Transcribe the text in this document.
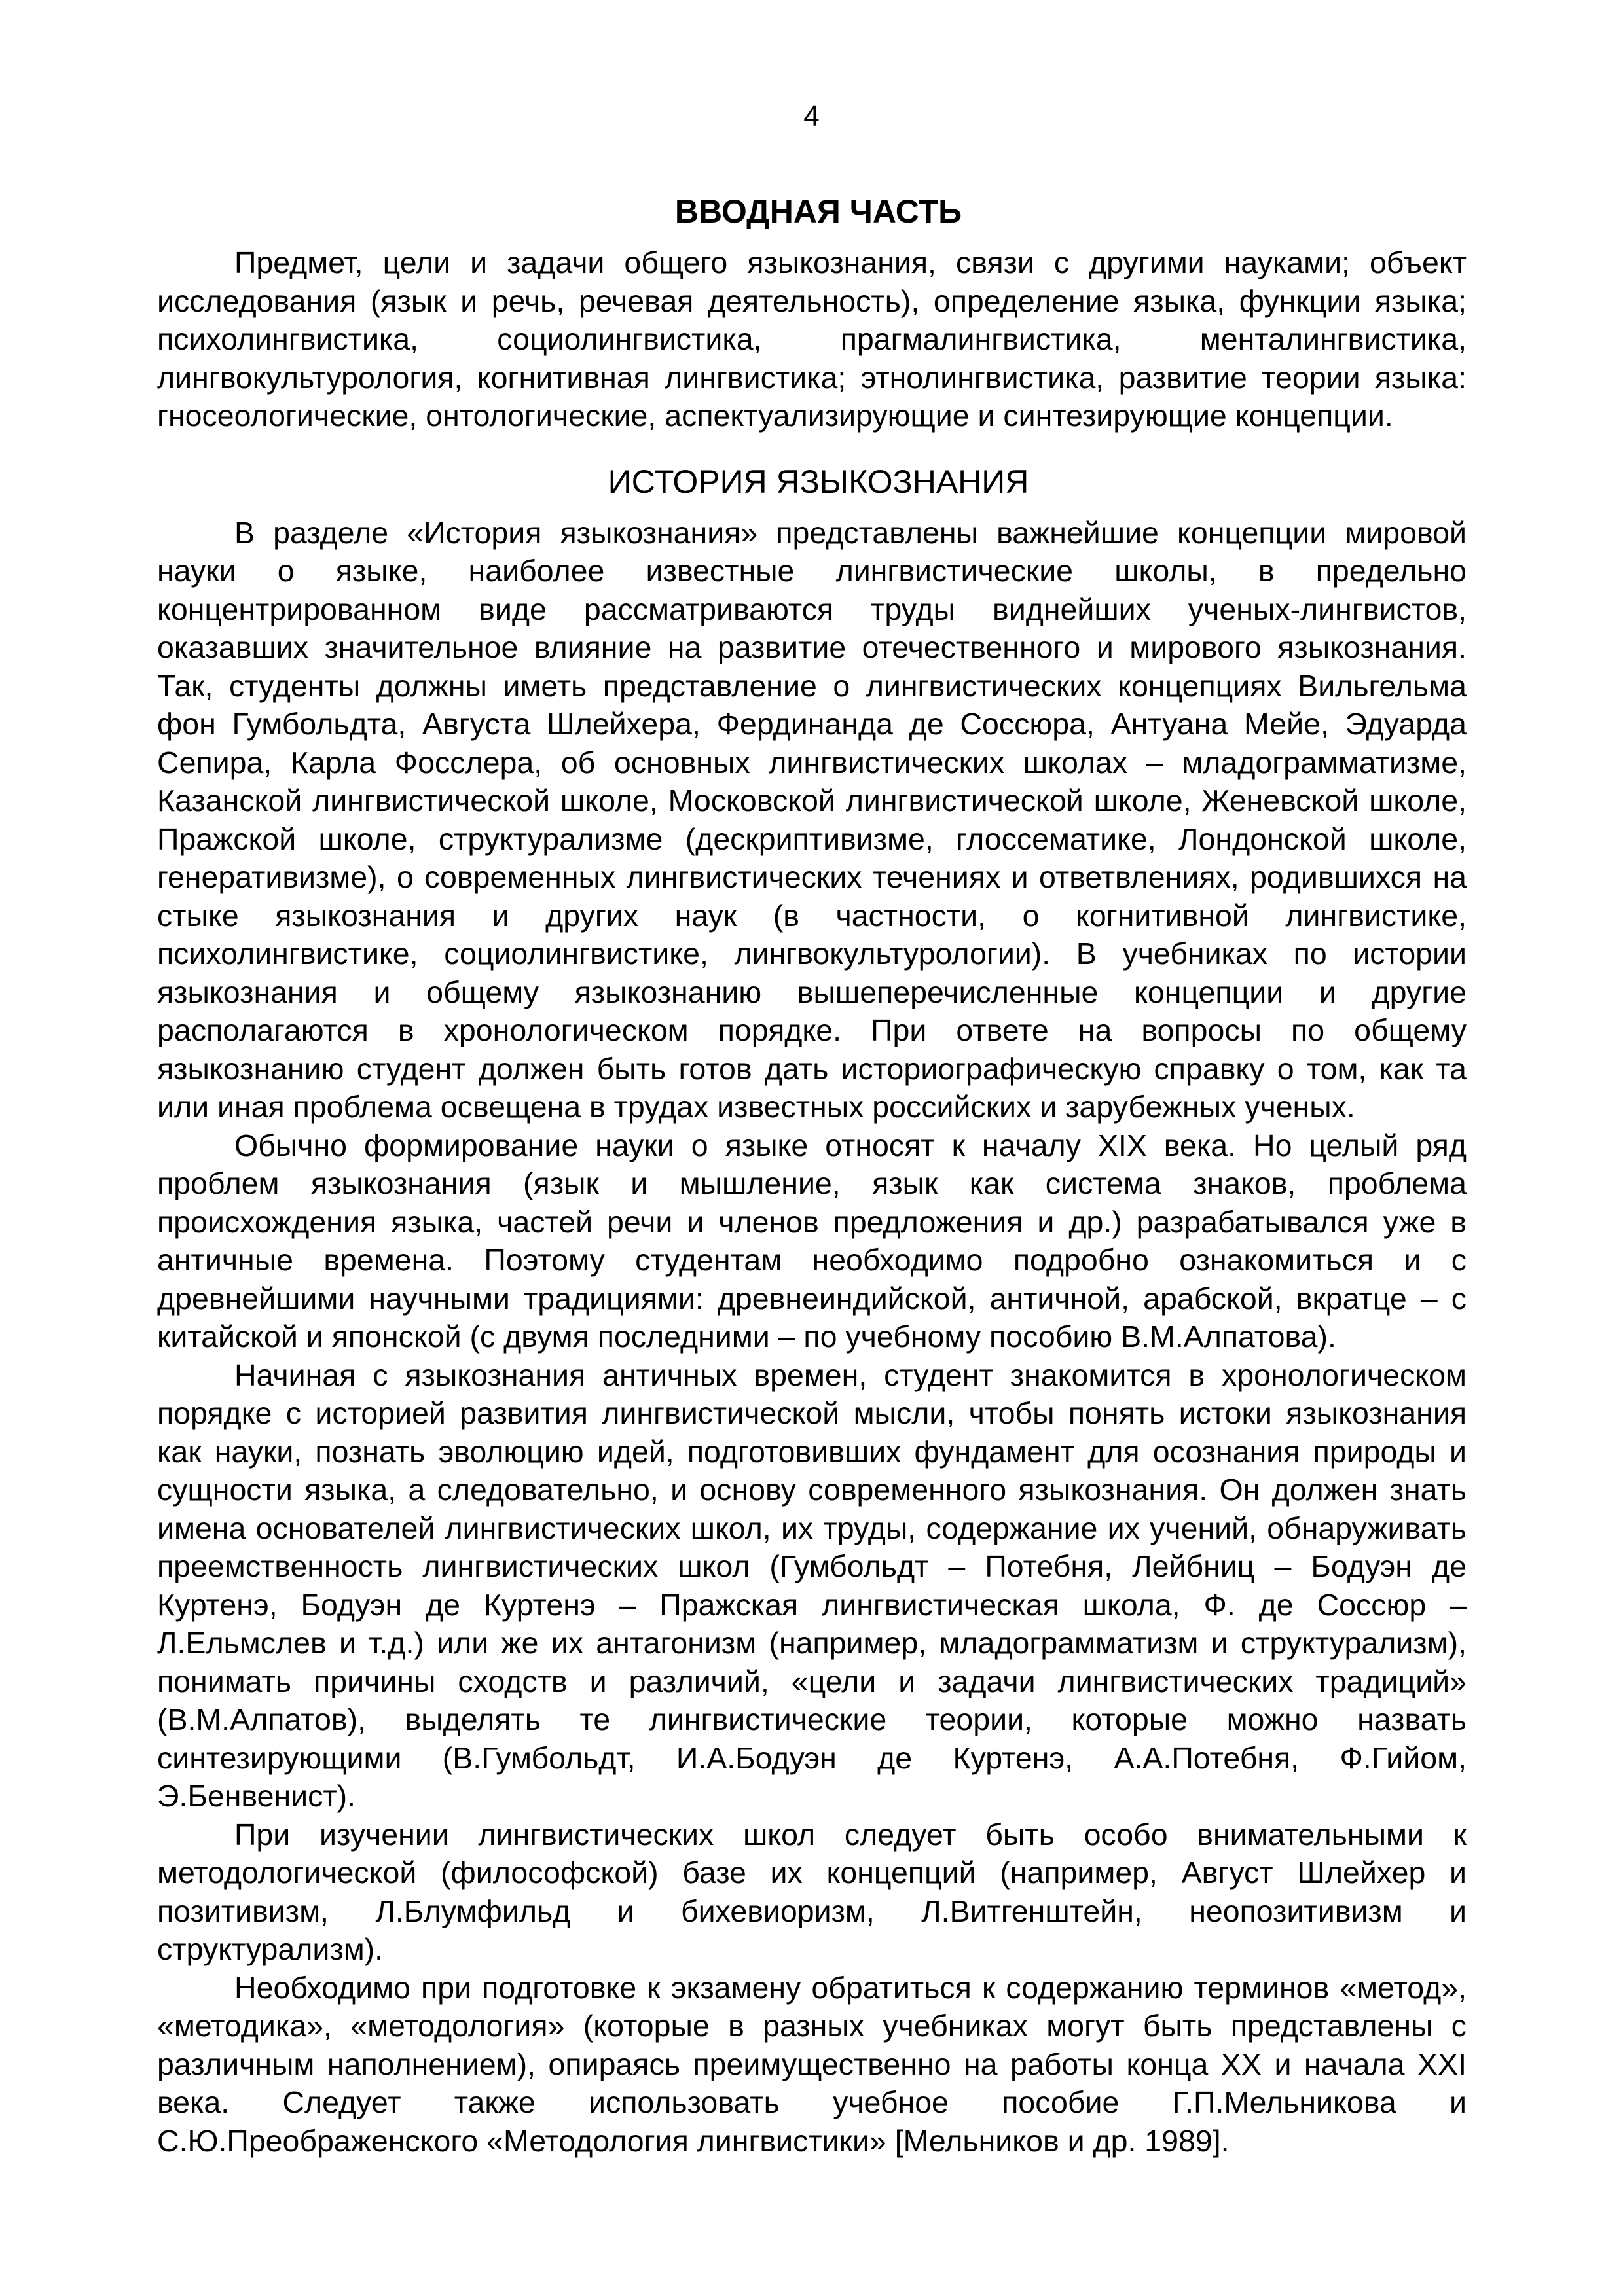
4
ВВОДНАЯ ЧАСТЬ

Предмет, цели и задачи общего языкознания, связи с другими науками; объект исследования (язык и речь, речевая деятельность), определение языка, функции языка; психолингвистика, социолингвистика, прагмалингвистика, менталингвистика, лингвокультурология, когнитивная лингвистика; этнолингвистика, развитие теории языка: гносеологические, онтологические, аспектуализирующие и синтезирующие концепции.

ИСТОРИЯ ЯЗЫКОЗНАНИЯ

В разделе «История языкознания» представлены важнейшие концепции мировой науки о языке, наиболее известные лингвистические школы, в предельно концентрированном виде рассматриваются труды виднейших ученых-лингвистов, оказавших значительное влияние на развитие отечественного и мирового языкознания. Так, студенты должны иметь представление о лингвистических концепциях Вильгельма фон Гумбольдта, Августа Шлейхера, Фердинанда де Соссюра, Антуана Мейе, Эдуарда Сепира, Карла Фосслера, об основных лингвистических школах – младограмматизме, Казанской лингвистической школе, Московской лингвистической школе, Женевской школе, Пражской школе, структурализме (дескриптивизме, глоссематике, Лондонской школе, генеративизме), о современных лингвистических течениях и ответвлениях, родившихся на стыке языкознания и других наук (в частности, о когнитивной лингвистике, психолингвистике, социолингвистике, лингвокультурологии). В учебниках по истории языкознания и общему языкознанию вышеперечисленные концепции и другие располагаются в хронологическом порядке. При ответе на вопросы по общему языкознанию студент должен быть готов дать историографическую справку о том, как та или иная проблема освещена в трудах известных российских и зарубежных ученых.

Обычно формирование науки о языке относят к началу XIX века. Но целый ряд проблем языкознания (язык и мышление, язык как система знаков, проблема происхождения языка, частей речи и членов предложения и др.) разрабатывался уже в античные времена. Поэтому студентам необходимо подробно ознакомиться и с древнейшими научными традициями: древнеиндийской, античной, арабской, вкратце – с китайской и японской (с двумя последними – по учебному пособию В.М.Алпатова).

Начиная с языкознания античных времен, студент знакомится в хронологическом порядке с историей развития лингвистической мысли, чтобы понять истоки языкознания как науки, познать эволюцию идей, подготовивших фундамент для осознания природы и сущности языка, а следовательно, и основу современного языкознания. Он должен знать имена основателей лингвистических школ, их труды, содержание их учений, обнаруживать преемственность лингвистических школ (Гумбольдт – Потебня, Лейбниц – Бодуэн де Куртенэ, Бодуэн де Куртенэ – Пражская лингвистическая школа, Ф. де Соссюр – Л.Ельмслев и т.д.) или же их антагонизм (например, младограмматизм и структурализм), понимать причины сходств и различий, «цели и задачи лингвистических традиций» (В.М.Алпатов), выделять те лингвистические теории, которые можно назвать синтезирующими (В.Гумбольдт, И.А.Бодуэн де Куртенэ, А.А.Потебня, Ф.Гийом, Э.Бенвенист).

При изучении лингвистических школ следует быть особо внимательными к методологической (философской) базе их концепций (например, Август Шлейхер и позитивизм, Л.Блумфильд и бихевиоризм, Л.Витгенштейн, неопозитивизм и структурализм).

Необходимо при подготовке к экзамену обратиться к содержанию терминов «метод», «методика», «методология» (которые в разных учебниках могут быть представлены с различным наполнением), опираясь преимущественно на работы конца XX и начала XXI века. Следует также использовать учебное пособие Г.П.Мельникова и С.Ю.Преображенского «Методология лингвистики» [Мельников и др. 1989].
